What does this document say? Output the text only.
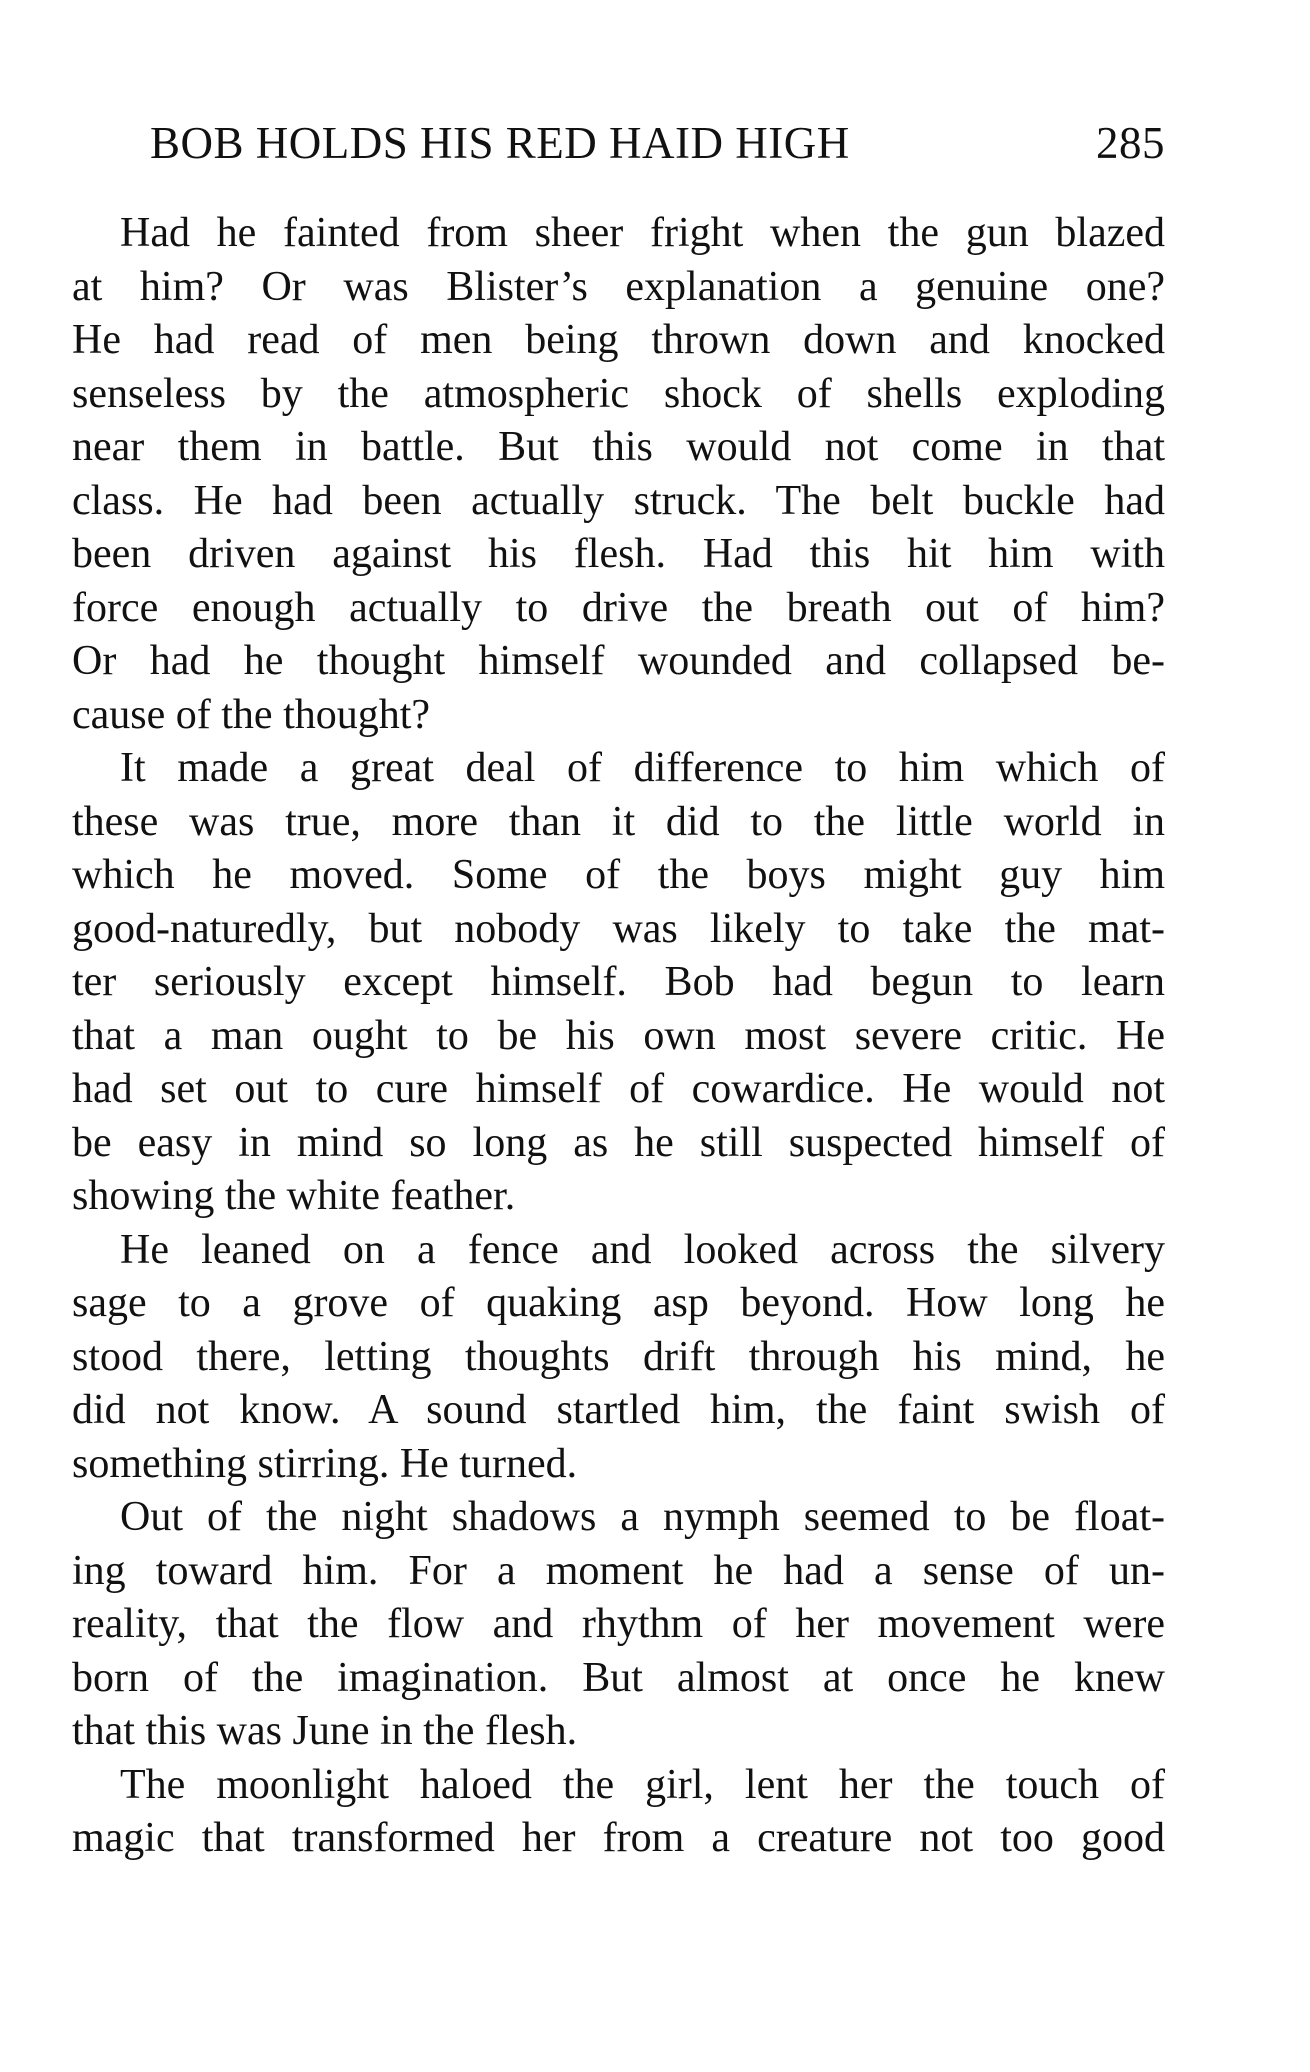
BOB HOLDS HIS RED HAID HIGH	285
Had he fainted from sheer fright when the gun blazed
at him? Or was Blister’s explanation a genuine one?
He had read of men being thrown down and knocked
senseless by the atmospheric shock of shells exploding
near them in battle. But this would not come in that
class. He had been actually struck. The belt buckle had
been driven against his flesh. Had this hit him with
force enough actually to drive the breath out of him?
Or had he thought himself wounded and collapsed be-
cause of the thought?
It made a great deal of difference to him which of
these was true, more than it did to the little world in
which he moved. Some of the boys might guy him
good-naturedly, but nobody was likely to take the mat-
ter seriously except himself. Bob had begun to learn
that a man ought to be his own most severe critic. He
had set out to cure himself of cowardice. He would not
be easy in mind so long as he still suspected himself of
showing the white feather.
He leaned on a fence and looked across the silvery
sage to a grove of quaking asp beyond. How long he
stood there, letting thoughts drift through his mind, he
did not know. A sound startled him, the faint swish of
something stirring. He turned.
Out of the night shadows a nymph seemed to be float-
ing toward him. For a moment he had a sense of un-
reality, that the flow and rhythm of her movement were
born of the imagination. But almost at once he knew
that this was June in the flesh.
The moonlight haloed the girl, lent her the touch of
magic that transformed her from a creature not too good
